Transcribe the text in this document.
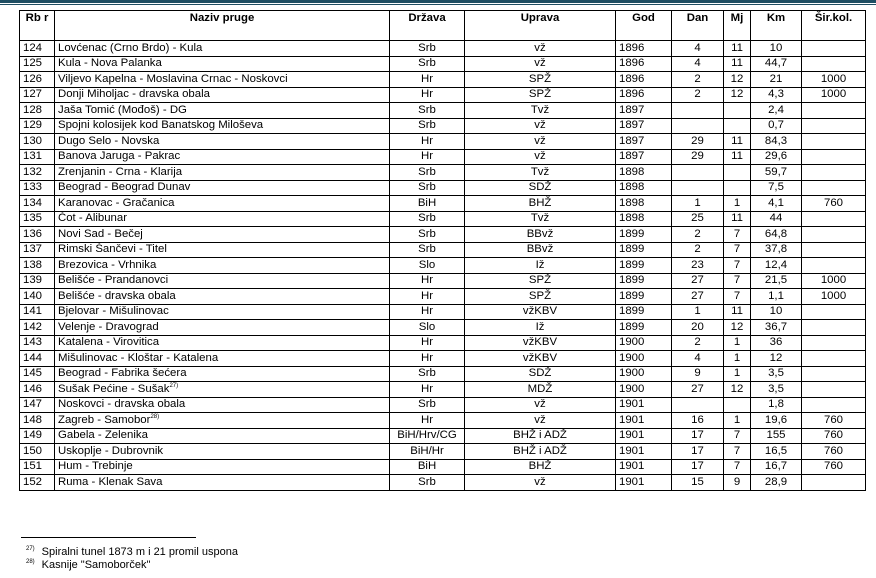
Rb r	Naziv pruge	Država	Uprava	God	Dan	Mj	Km	Šir.kol.
124	Lovćenac (Crno Brdo) - Kula	Srb	vž	1896	4	11	10	
125	Kula - Nova Palanka	Srb	vž	1896	4	11	44,7	
126	Viljevo Kapelna - Moslavina Crnac - Noskovci	Hr	SPŽ	1896	2	12	21	1000
127	Donji Miholjac - dravska obala	Hr	SPŽ	1896	2	12	4,3	1000
128	Jaša Tomić (Mođoš) - DG	Srb	Tvž	1897			2,4	
129	Spojni kolosijek kod Banatskog Miloševa	Srb	vž	1897			0,7	
130	Dugo Selo - Novska	Hr	vž	1897	29	11	84,3	
131	Banova Jaruga - Pakrac	Hr	vž	1897	29	11	29,6	
132	Zrenjanin - Crna - Klarija	Srb	Tvž	1898			59,7	
133	Beograd - Beograd Dunav	Srb	SDŽ	1898			7,5	
134	Karanovac - Gračanica	BiH	BHŽ	1898	1	1	4,1	760
135	Čot - Alibunar	Srb	Tvž	1898	25	11	44	
136	Novi Sad - Bečej	Srb	BBvž	1899	2	7	64,8	
137	Rimski Šančevi - Titel	Srb	BBvž	1899	2	7	37,8	
138	Brezovica - Vrhnika	Slo	Iž	1899	23	7	12,4	
139	Belišće - Prandanovci	Hr	SPŽ	1899	27	7	21,5	1000
140	Belišće - dravska obala	Hr	SPŽ	1899	27	7	1,1	1000
141	Bjelovar - Mišulinovac	Hr	vžKBV	1899	1	11	10	
142	Velenje - Dravograd	Slo	Iž	1899	20	12	36,7	
143	Katalena - Virovitica	Hr	vžKBV	1900	2	1	36	
144	Mišulinovac - Kloštar - Katalena	Hr	vžKBV	1900	4	1	12	
145	Beograd - Fabrika šećera	Srb	SDŽ	1900	9	1	3,5	
146	Sušak Pećine - Sušak$^{27)}$	Hr	MDŽ	1900	27	12	3,5	
147	Noskovci - dravska obala	Srb	vž	1901			1,8	
148	Zagreb - Samobor$^{28)}$	Hr	vž	1901	16	1	19,6	760
149	Gabela - Zelenika	BiH/Hrv/CG	BHŽ i ADŽ	1901	17	7	155	760
150	Uskoplje - Dubrovnik	BiH/Hr	BHŽ i ADŽ	1901	17	7	16,5	760
151	Hum - Trebinje	BiH	BHŽ	1901	17	7	16,7	760
152	Ruma - Klenak Sava	Srb	vž	1901	15	9	28,9	
$^{27)}$ Spiralni tunel 1873 m i 21 promil uspona
$^{28)}$ Kasnije "Samoborček"
